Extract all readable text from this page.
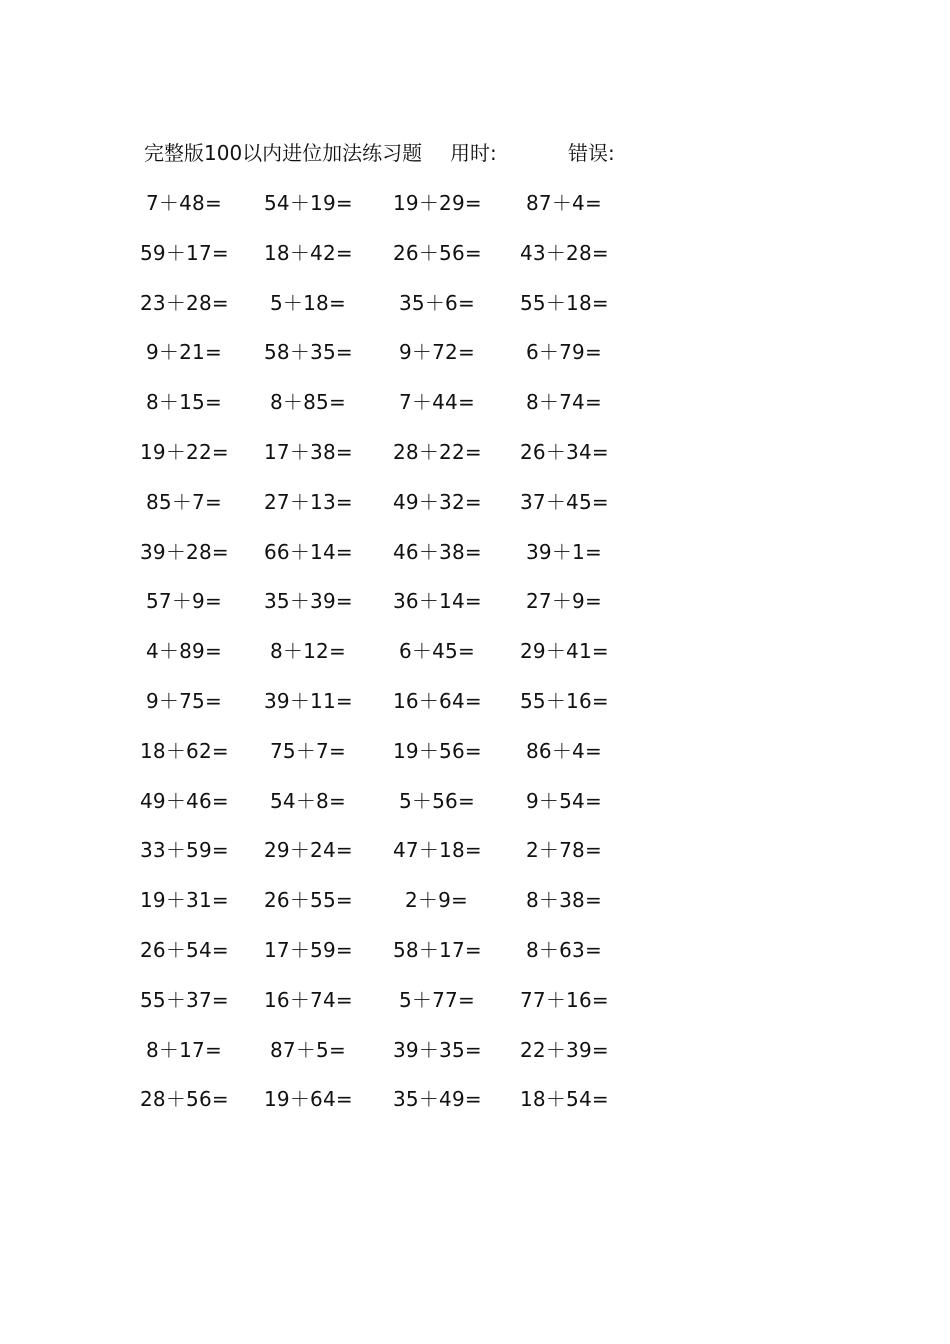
完整版100以内进位加法练习题 用时:	错误:
7＋48= 54＋19= 19＋29= 87＋4=
59＋17= 18＋42= 26＋56= 43＋28=
23＋28= 5＋18=	35＋6= 55＋18=
9＋21= 58＋35= 9＋72=	6＋79=
8＋15= 8＋85=	7＋44=	8＋74=
19＋22= 17＋38= 28＋22= 26＋34=
85＋7= 27＋13= 49＋32= 37＋45=
39＋28= 66＋14= 46＋38= 39＋1=
57＋9= 35＋39= 36＋14= 27＋9=
4＋89= 8＋12=	6＋45= 29＋41=
9＋75= 39＋11= 16＋64= 55＋16=
18＋62= 75＋7= 19＋56= 86＋4=
49＋46= 54＋8=	5＋56=	9＋54=
33＋59= 29＋24= 47＋18= 2＋78=
19＋31= 26＋55=	2＋9=	8＋38=
26＋54= 17＋59= 58＋17= 8＋63=
55＋37= 16＋74= 5＋77= 77＋16=
8＋17= 87＋5= 39＋35= 22＋39=
28＋56= 19＋64= 35＋49= 18＋54=
